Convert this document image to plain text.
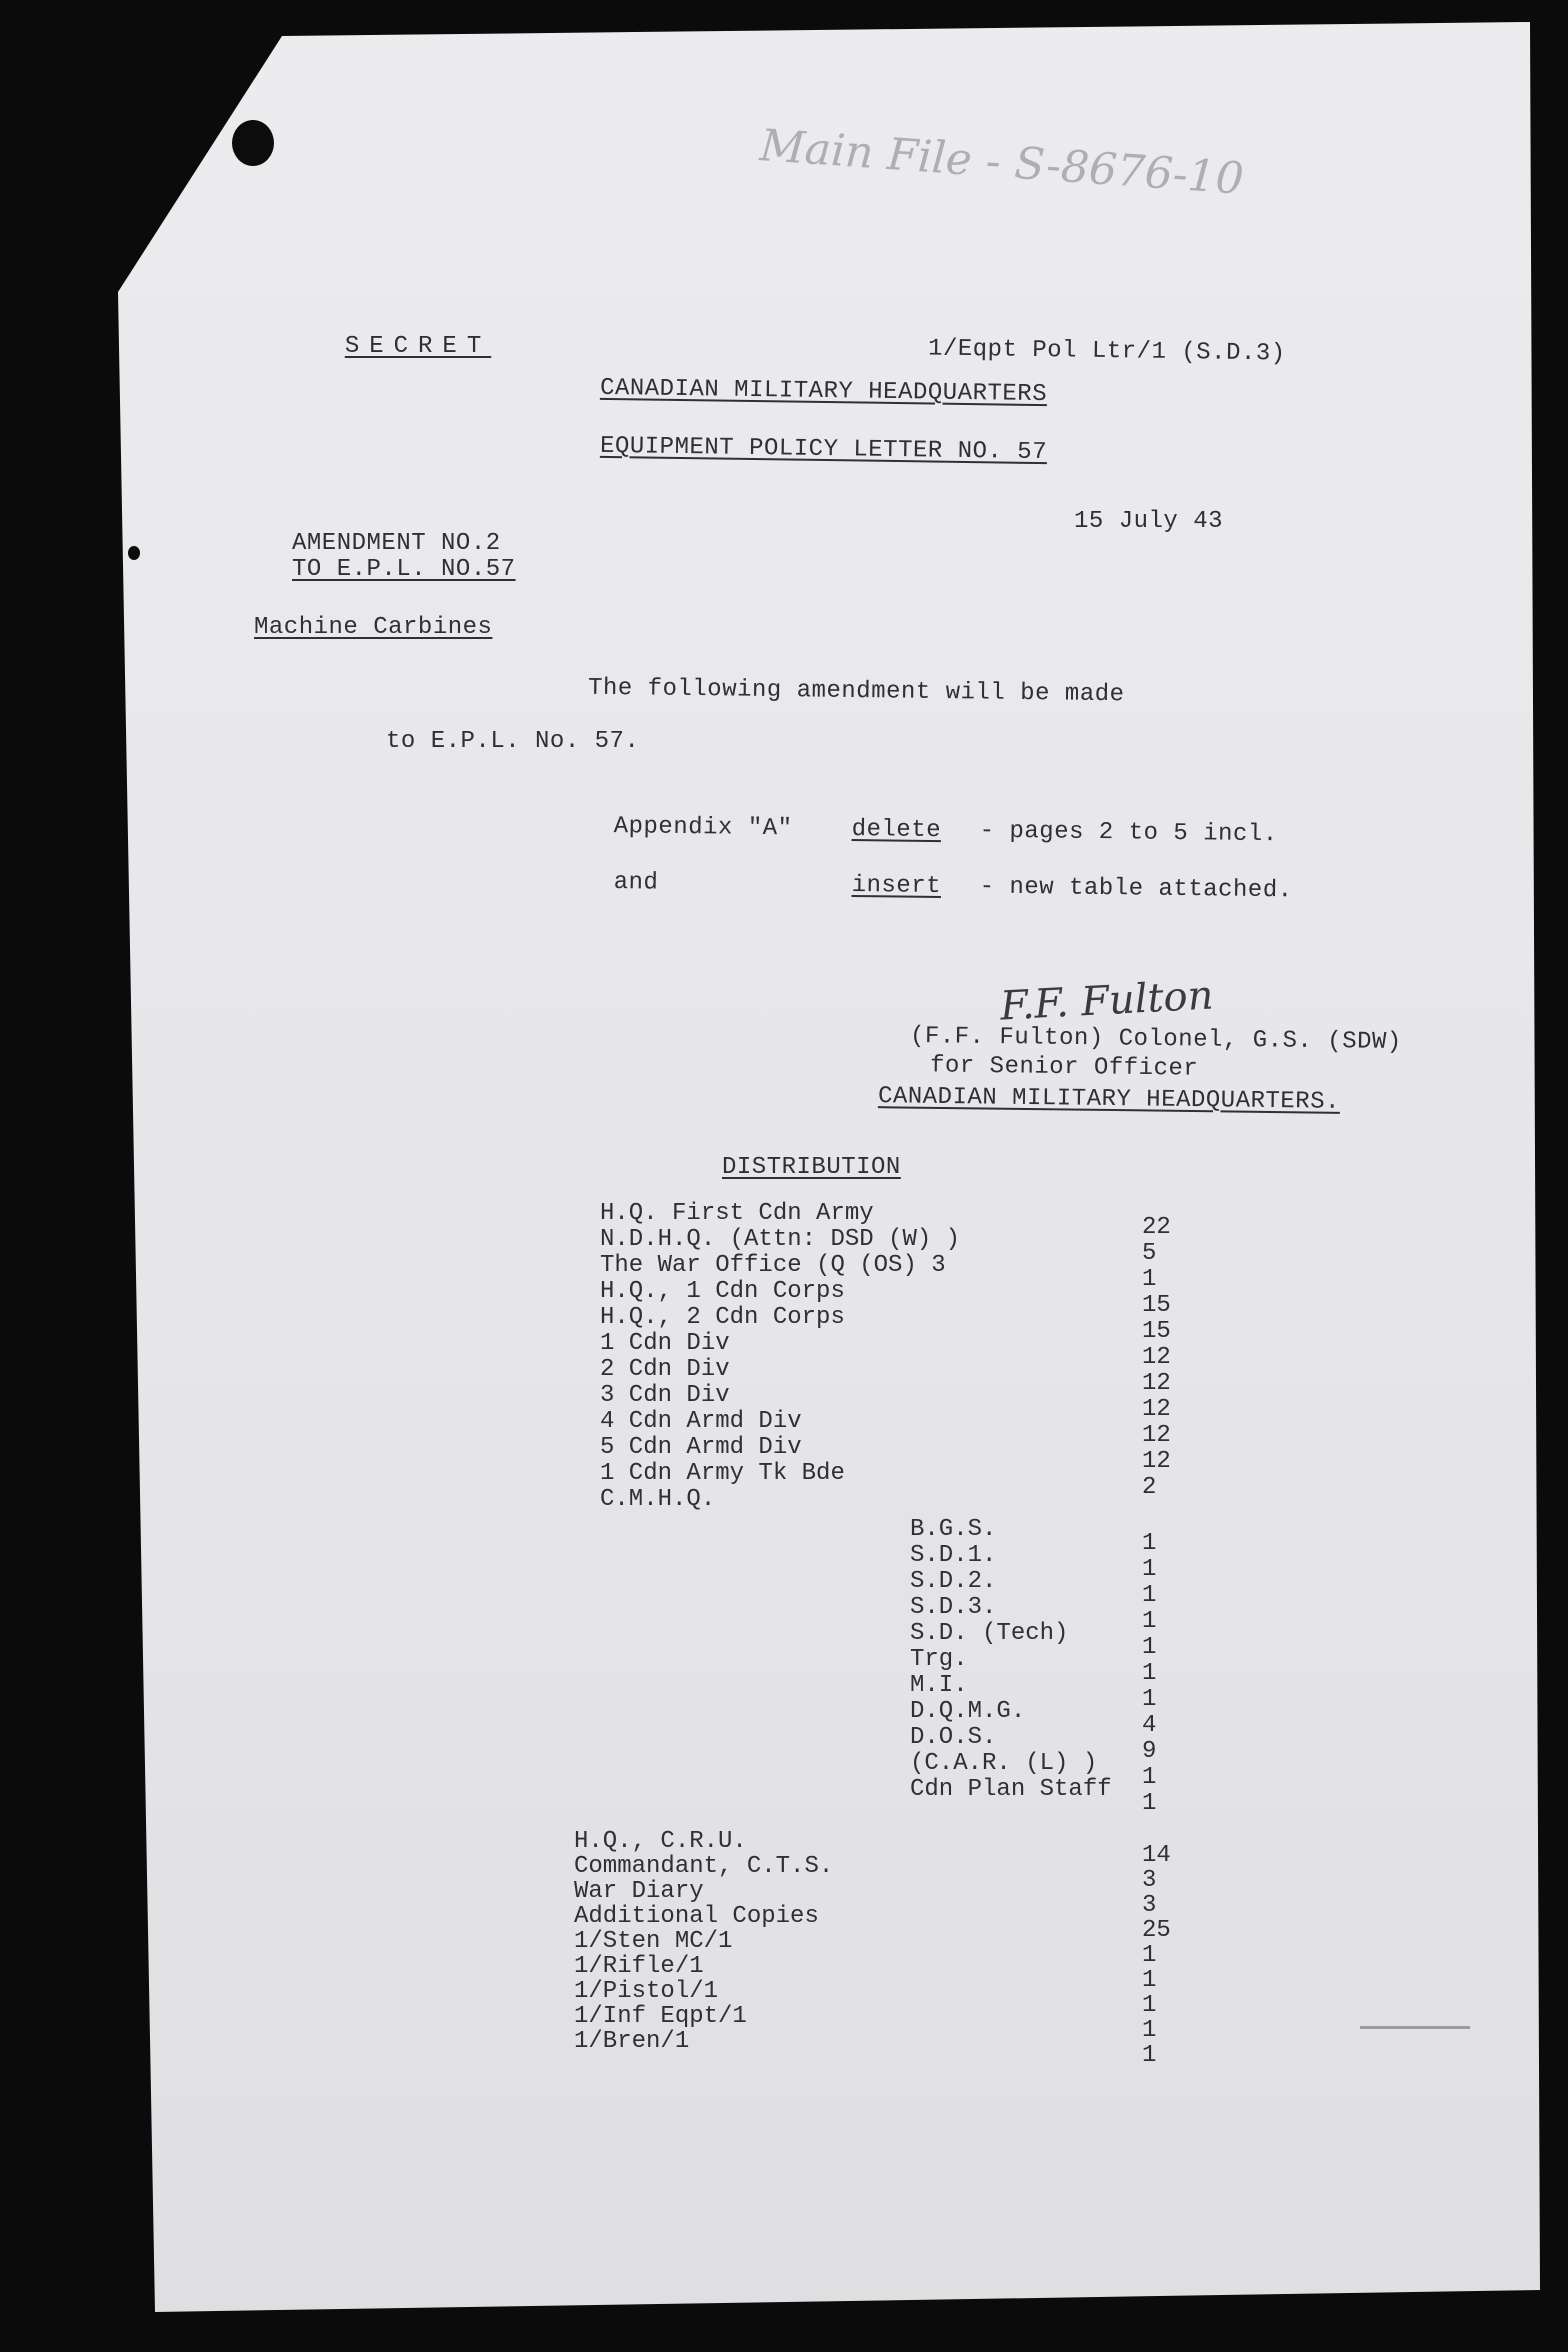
Main File - S-8676-10

SECRET	1/Eqpt Pol Ltr/1 (S.D.3)
CANADIAN MILITARY HEADQUARTERS
EQUIPMENT POLICY LETTER NO. 57
15 July 43
AMENDMENT NO.2
TO E.P.L. NO.57
Machine Carbines
The following amendment will be made
to E.P.L. No. 57.

Appendix "A" delete - pages 2 to 5 incl.

and	insert - new table attached.

F.F. Fulton
(F.F. Fulton) Colonel, G.S. (SDW)
for Senior Officer
CANADIAN MILITARY HEADQUARTERS.
DISTRIBUTION
H.Q. First Cdn Army
22
N.D.H.Q. (Attn: DSD (W) )
5
The War Office (Q (OS) 3
1
H.Q., 1 Cdn Corps
15
H.Q., 2 Cdn Corps
15
1 Cdn Div
12
2 Cdn Div
12
3 Cdn Div
12
4 Cdn Armd Div
12
5 Cdn Armd Div
12
1 Cdn Army Tk Bde
2
C.M.H.Q.
B.G.S.
1
S.D.1.
1
S.D.2.
1
S.D.3.
1
S.D. (Tech)
1
Trg.
1
M.I.
1
D.Q.M.G.
4
D.O.S.
9
(C.A.R. (L) )
1
Cdn Plan Staff
1
H.Q., C.R.U.
14
Commandant, C.T.S.
3
War Diary
3
Additional Copies
25
1/Sten MC/1
1
1/Rifle/1
1
1/Pistol/1
1
1/Inf Eqpt/1
1
1/Bren/1
1
